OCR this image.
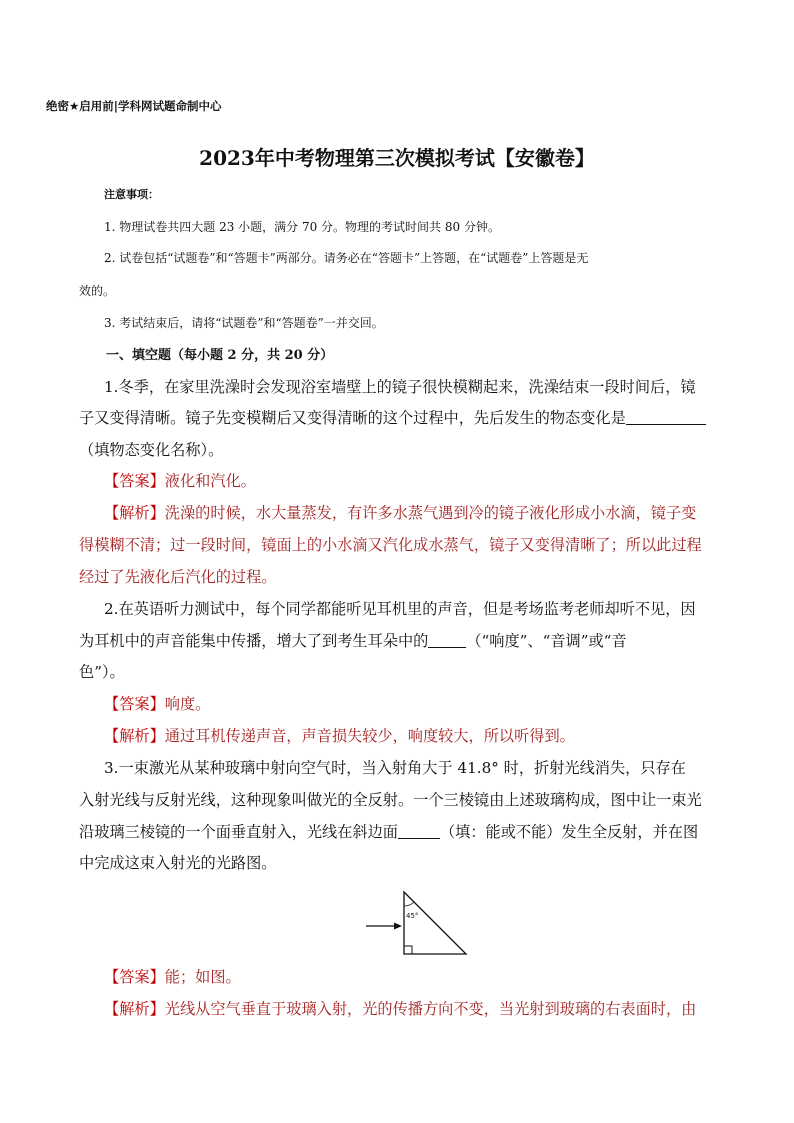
绝密★启用前|学科网试题命制中心
2023年中考物理第三次模拟考试【安徽卷】
注意事项：
1. 物理试卷共四大题 23 小题，满分 70 分。物理的考试时间共 80 分钟。
2. 试卷包括“试题卷”和“答题卡”两部分。请务必在“答题卡”上答题，在“试题卷”上答题是无
效的。
3. 考试结束后，请将“试题卷”和“答题卷”一并交回。
一、填空题（每小题 2 分，共 20 分）
1.冬季，在家里洗澡时会发现浴室墙壁上的镜子很快模糊起来，洗澡结束一段时间后，镜
子又变得清晰。镜子先变模糊后又变得清晰的这个过程中，先后发生的物态变化是
（填物态变化名称）。
【答案】液化和汽化。
【解析】洗澡的时候，水大量蒸发，有许多水蒸气遇到冷的镜子液化形成小水滴，镜子变
得模糊不清；过一段时间，镜面上的小水滴又汽化成水蒸气，镜子又变得清晰了；所以此过程
经过了先液化后汽化的过程。
2.在英语听力测试中，每个同学都能听见耳机里的声音，但是考场监考老师却听不见，因
为耳机中的声音能集中传播，增大了到考生耳朵中的	（“响度”、“音调”或“音
色”）。
【答案】响度。
【解析】通过耳机传递声音，声音损失较少，响度较大，所以听得到。
3.一束激光从某种玻璃中射向空气时，当入射角大于 41.8° 时，折射光线消失，只存在
入射光线与反射光线，这种现象叫做光的全反射。一个三棱镜由上述玻璃构成，图中让一束光
沿玻璃三棱镜的一个面垂直射入，光线在斜边面	（填：能或不能）发生全反射，并在图
中完成这束入射光的光路图。
45°
【答案】能；如图。
【解析】光线从空气垂直于玻璃入射，光的传播方向不变，当光射到玻璃的右表面时，由
